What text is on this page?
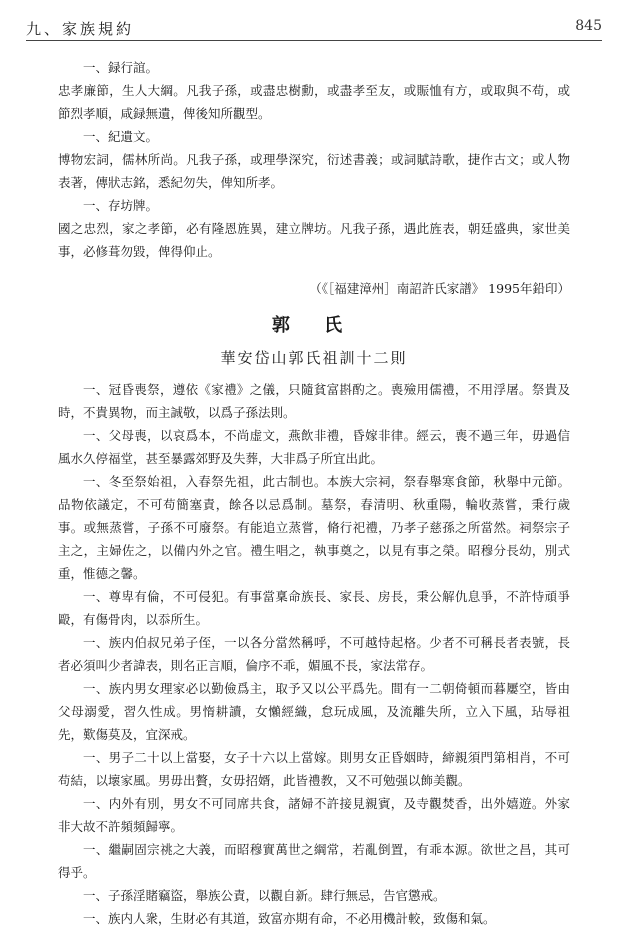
九、家族規約	845

一、録行誼。

忠孝廉節，生人大綱。凡我子孫，或盡忠樹勳，或盡孝至友，或賑恤有方，或取與不苟，或節烈孝順，咸録無遺，俾後知所觀型。

一、紀遺文。

博物宏詞，儒林所尚。凡我子孫，或理學深究，衍述書義；或詞賦詩歌，捷作古文；或人物表著，傳狀志銘，悉紀勿失，俾知所孝。

一、存坊牌。

國之忠烈，家之孝節，必有隆恩旌異，建立牌坊。凡我子孫，遇此旌表，朝廷盛典，家世美事，必修葺勿毀，俾得仰止。

（《［福建漳州］南詔許氏家譜》 1995年鉛印）

郭 氏

華安岱山郭氏祖訓十二則

一、冠昏喪祭，遵依《家禮》之儀，只隨貧富斟酌之。喪殮用儒禮，不用浮屠。祭貴及時，不貴異物，而主誠敬，以爲子孫法則。

一、父母喪，以哀爲本，不尚虚文，燕飲非禮，昏嫁非律。經云，喪不過三年，毋過信風水久停福堂，甚至暴露郊野及失葬，大非爲子所宜出此。

一、冬至祭始祖，入春祭先祖，此古制也。本族大宗祠，祭春舉寒食節，秋舉中元節。品物依議定，不可苟簡塞責，餘各以忌爲制。墓祭，春清明、秋重陽，輪收蒸嘗，秉行歲事。或無蒸嘗，子孫不可廢祭。有能追立蒸嘗，脩行祀禮，乃孝子慈孫之所當然。祠祭宗子主之，主婦佐之，以備内外之官。禮生唱之，執事奠之，以見有事之榮。昭穆分長幼，別式重，惟德之馨。

一、尊卑有倫，不可侵犯。有事當稟命族長、家長、房長，秉公解仇息爭，不許恃頑爭毆，有傷骨肉，以忝所生。

一、族内伯叔兄弟子侄，一以各分當然稱呼，不可越恃起格。少者不可稱長者表號，長者必須叫少者諱表，則名正言順，倫序不乖，媚風不長，家法常存。

一、族内男女理家必以勤儉爲主，取予又以公平爲先。間有一二朝倚頓而暮屢空，皆由父母溺愛，習久性成。男惰耕讀，女懶經織，怠玩成風，及流離失所，立入下風，玷辱祖先，歎傷莫及，宜深戒。

一、男子二十以上當娶，女子十六以上當嫁。則男女正昏姻時，締親須門第相肖，不可苟結，以壞家風。男毋出贅，女毋招婿，此皆禮教，又不可勉强以飾美觀。

一、内外有別，男女不可同席共食，諸婦不許接見親賓，及寺觀焚香，出外嬉遊。外家非大故不許頻頻歸寧。

一、繼嗣固宗祧之大義，而昭穆實萬世之綱常，若亂倒置，有乖本源。欲世之昌，其可得乎。

一、子孫淫賭竊盜，舉族公責，以觀自新。肆行無忌，告官懲戒。

一、族内人衆，生財必有其道，致富亦期有命，不必用機計較，致傷和氣。
